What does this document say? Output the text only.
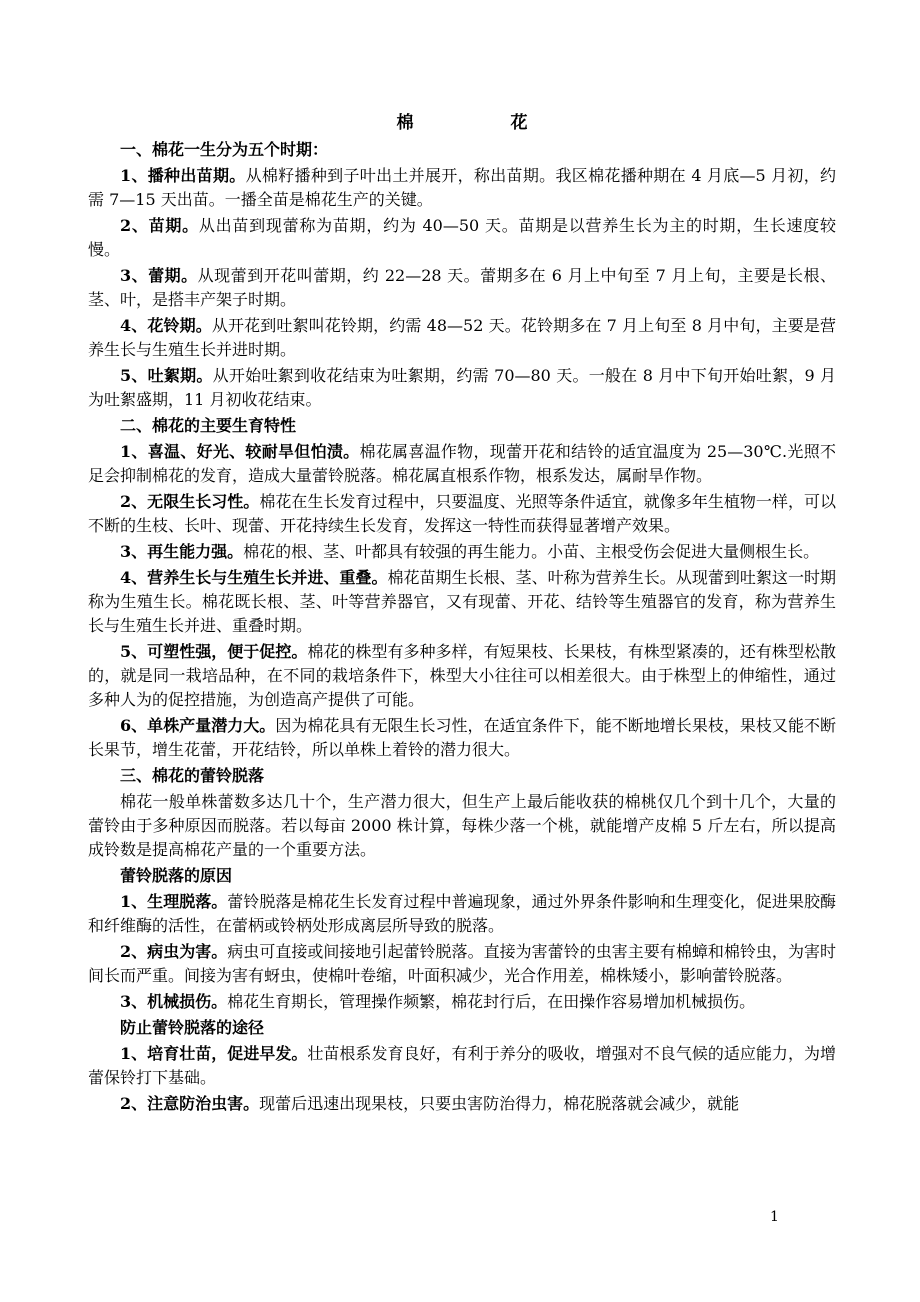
棉　花
一、棉花一生分为五个时期：
1、播种出苗期。从棉籽播种到子叶出土并展开，称出苗期。我区棉花播种期在 4 月底—5 月初，约需 7—15 天出苗。一播全苗是棉花生产的关键。
2、苗期。从出苗到现蕾称为苗期，约为 40—50 天。苗期是以营养生长为主的时期，生长速度较慢。
3、蕾期。从现蕾到开花叫蕾期，约 22—28 天。蕾期多在 6 月上中旬至 7 月上旬，主要是长根、茎、叶，是搭丰产架子时期。
4、花铃期。从开花到吐絮叫花铃期，约需 48—52 天。花铃期多在 7 月上旬至 8 月中旬，主要是营养生长与生殖生长并进时期。
5、吐絮期。从开始吐絮到收花结束为吐絮期，约需 70—80 天。一般在 8 月中下旬开始吐絮，9 月为吐絮盛期，11 月初收花结束。
二、棉花的主要生育特性
1、喜温、好光、较耐旱但怕渍。棉花属喜温作物，现蕾开花和结铃的适宜温度为 25—30℃.光照不足会抑制棉花的发育，造成大量蕾铃脱落。棉花属直根系作物，根系发达，属耐旱作物。
2、无限生长习性。棉花在生长发育过程中，只要温度、光照等条件适宜，就像多年生植物一样，可以不断的生枝、长叶、现蕾、开花持续生长发育，发挥这一特性而获得显著增产效果。
3、再生能力强。棉花的根、茎、叶都具有较强的再生能力。小苗、主根受伤会促进大量侧根生长。
4、营养生长与生殖生长并进、重叠。棉花苗期生长根、茎、叶称为营养生长。从现蕾到吐絮这一时期称为生殖生长。棉花既长根、茎、叶等营养器官，又有现蕾、开花、结铃等生殖器官的发育，称为营养生长与生殖生长并进、重叠时期。
5、可塑性强，便于促控。棉花的株型有多种多样，有短果枝、长果枝，有株型紧凑的，还有株型松散的，就是同一栽培品种，在不同的栽培条件下，株型大小往往可以相差很大。由于株型上的伸缩性，通过多种人为的促控措施，为创造高产提供了可能。
6、单株产量潜力大。因为棉花具有无限生长习性，在适宜条件下，能不断地增长果枝，果枝又能不断长果节，增生花蕾，开花结铃，所以单株上着铃的潜力很大。
三、棉花的蕾铃脱落
棉花一般单株蕾数多达几十个，生产潜力很大，但生产上最后能收获的棉桃仅几个到十几个，大量的蕾铃由于多种原因而脱落。若以每亩 2000 株计算，每株少落一个桃，就能增产皮棉 5 斤左右，所以提高成铃数是提高棉花产量的一个重要方法。
蕾铃脱落的原因
1、生理脱落。蕾铃脱落是棉花生长发育过程中普遍现象，通过外界条件影响和生理变化，促进果胶酶和纤维酶的活性，在蕾柄或铃柄处形成离层所导致的脱落。
2、病虫为害。病虫可直接或间接地引起蕾铃脱落。直接为害蕾铃的虫害主要有棉蟑和棉铃虫，为害时间长而严重。间接为害有蚜虫，使棉叶卷缩，叶面积减少，光合作用差，棉株矮小，影响蕾铃脱落。
3、机械损伤。棉花生育期长，管理操作频繁，棉花封行后，在田操作容易增加机械损伤。
防止蕾铃脱落的途径
1、培育壮苗，促进早发。壮苗根系发育良好，有利于养分的吸收，增强对不良气候的适应能力，为增蕾保铃打下基础。
2、注意防治虫害。现蕾后迅速出现果枝，只要虫害防治得力，棉花脱落就会减少，就能
1
